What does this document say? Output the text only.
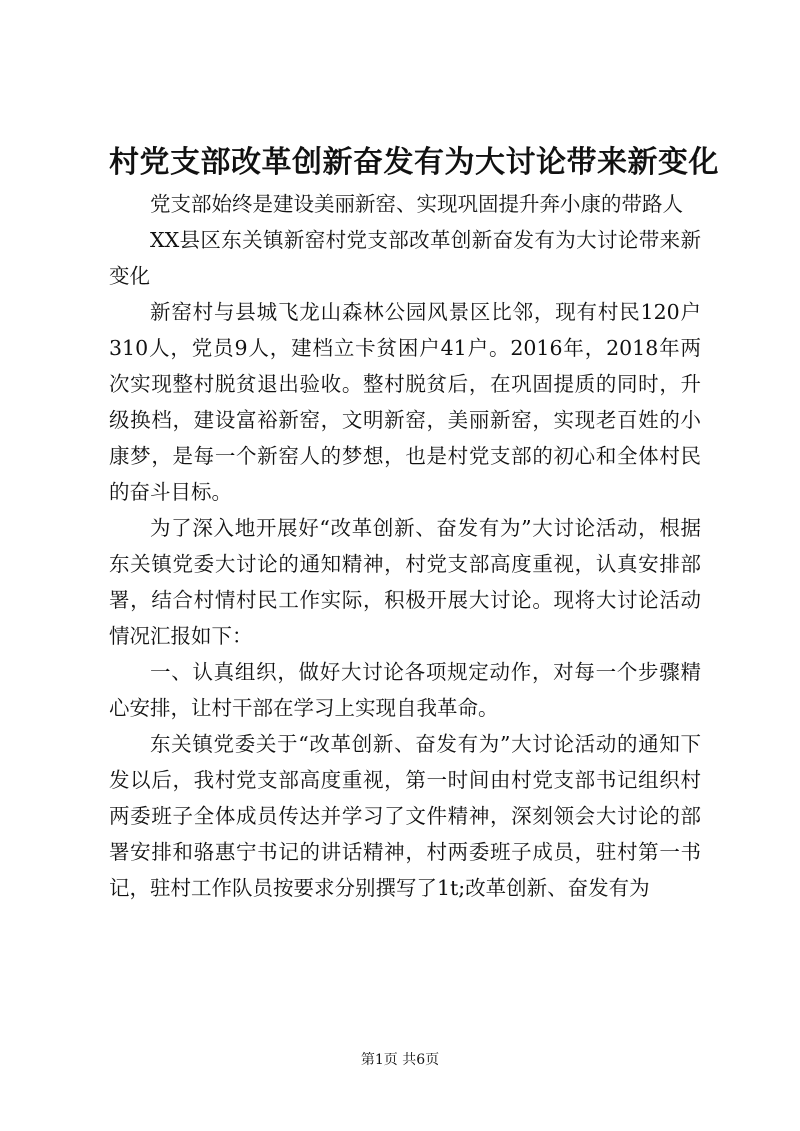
村党支部改革创新奋发有为大讨论带来新变化

党支部始终是建设美丽新窑、实现巩固提升奔小康的带路人

XX县区东关镇新窑村党支部改革创新奋发有为大讨论带来新变化

新窑村与县城飞龙山森林公园风景区比邻，现有村民120户310人，党员9人，建档立卡贫困户41户。2016年，2018年两次实现整村脱贫退出验收。整村脱贫后，在巩固提质的同时，升级换档，建设富裕新窑，文明新窑，美丽新窑，实现老百姓的小康梦，是每一个新窑人的梦想，也是村党支部的初心和全体村民的奋斗目标。

为了深入地开展好“改革创新、奋发有为”大讨论活动，根据东关镇党委大讨论的通知精神，村党支部高度重视，认真安排部署，结合村情村民工作实际，积极开展大讨论。现将大讨论活动情况汇报如下：

一、认真组织，做好大讨论各项规定动作，对每一个步骤精心安排，让村干部在学习上实现自我革命。

东关镇党委关于“改革创新、奋发有为”大讨论活动的通知下发以后，我村党支部高度重视，第一时间由村党支部书记组织村两委班子全体成员传达并学习了文件精神，深刻领会大讨论的部署安排和骆惠宁书记的讲话精神，村两委班子成员，驻村第一书记，驻村工作队员按要求分别撰写了1t;改革创新、奋发有为

第1页 共6页
